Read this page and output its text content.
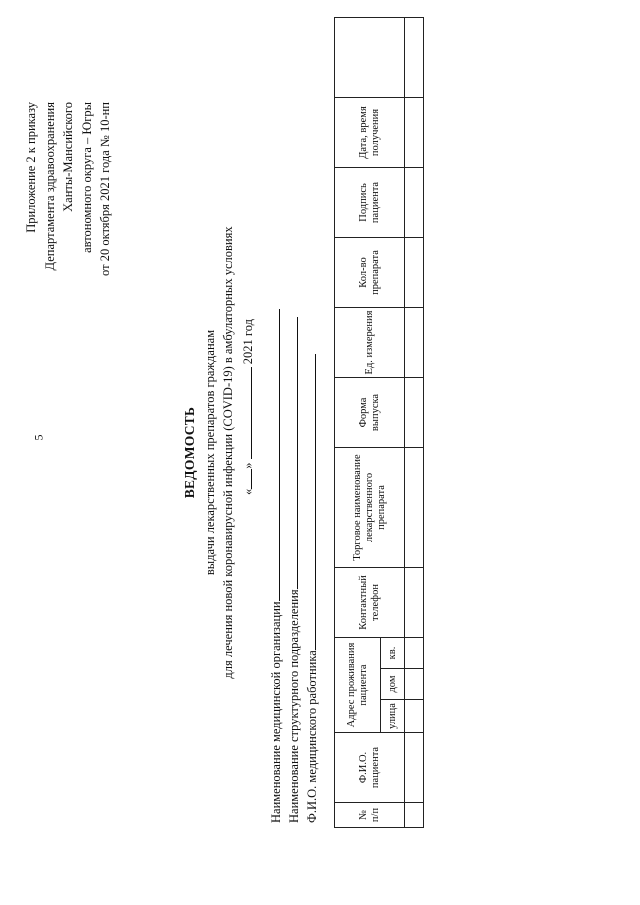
5
Приложение 2 к приказу Департамента здравоохранения Ханты-Мансийского автономного округа – Югры от 20 октября 2021 года № 10-нп
ВЕДОМОСТЬ выдачи лекарственных препаратов гражданам для лечения новой коронавирусной инфекции (COVID-19) в амбулаторных условиях «»  2021 год
Наименование медицинской организации Наименование структурного подразделения Ф.И.О. медицинского работника	№ п/п	Ф.И.О. пациента	Адрес проживания пациента			Контактный телефон	Торговое наименование лекарственного препарата	Форма выпуска	Ед. измерения	Кол-во препарата	Подпись пациента	Дата, время получения	
		улица	дом	кв.								
